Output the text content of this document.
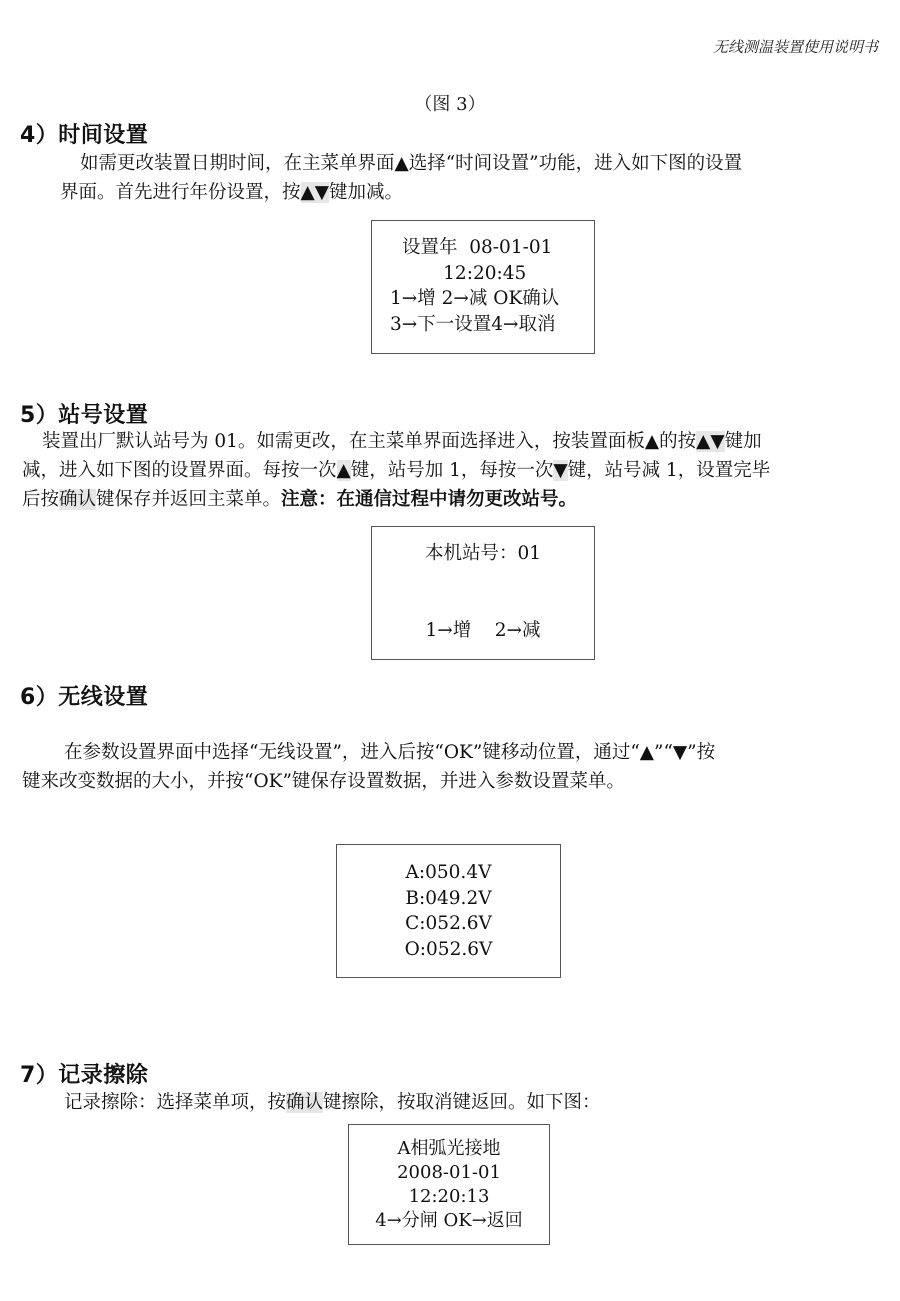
无线测温装置使用说明书
（图 3）
4）时间设置

如需更改装置日期时间，在主菜单界面▲选择“时间设置”功能，进入如下图的设置

界面。首先进行年份设置，按▲▼键加减。

设置年  08-01-01
12:20:45
1→增 2→减 OK确认
3→下一设置4→取消
5）站号设置

装置出厂默认站号为 01。如需更改，在主菜单界面选择进入，按装置面板▲的按▲▼键加

减，进入如下图的设置界面。每按一次▲键，站号加 1，每按一次▼键，站号减 1，设置完毕

后按确认键保存并返回主菜单。注意：在通信过程中请勿更改站号。

本机站号：01

1→增    2→减
6）无线设置

在参数设置界面中选择“无线设置”，进入后按“OK”键移动位置，通过“▲”“▼”按

键来改变数据的大小，并按“OK”键保存设置数据，并进入参数设置菜单。

A:050.4V
B:049.2V
C:052.6V
O:052.6V
7）记录擦除

记录擦除：选择菜单项，按确认键擦除，按取消键返回。如下图：

A相弧光接地
2008-01-01
12:20:13
4→分闸 OK→返回
